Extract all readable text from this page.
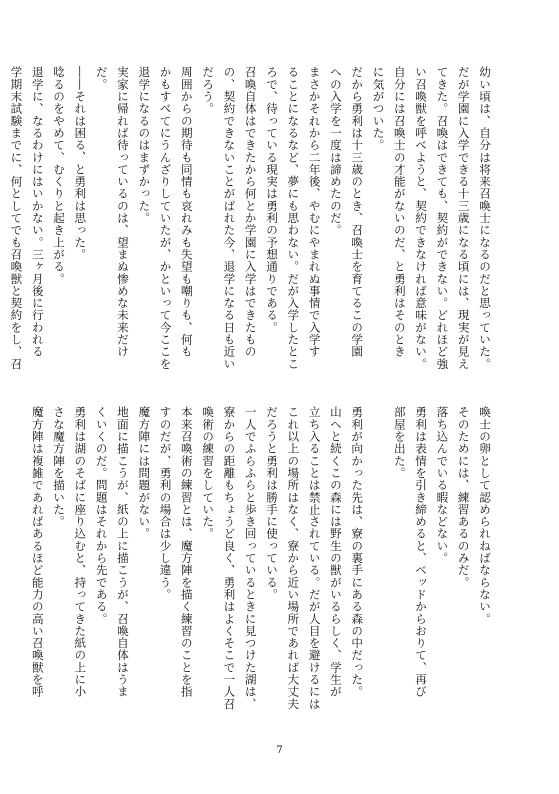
幼い頃は、自分は将来召喚士になるのだと思っていた。
だが学園に入学できる十三歳になる頃には、現実が見え
てきた。召喚はできても、契約ができない。どれほど強
い召喚獣を呼べようと、契約できなければ意味がない。
自分には召喚士の才能がないのだ、と勇利はそのとき
に気がついた。
だから勇利は十三歳のとき、召喚士を育てるこの学園
への入学を一度は諦めたのだ。
まさかそれから二年後、やむにやまれぬ事情で入学す
ることになるなど、夢にも思わない。だが入学したとこ
ろで、待っている現実は勇利の予想通りである。
召喚自体はできたから何とか学園に入学はできたもの
の、契約できないことがばれた今、退学になる日も近い
だろう。
周囲からの期待も同情も哀れみも失望も嘲りも、何も
かもすべてにうんざりしていたが、かといって今ここを
退学になるのはまずかった。
実家に帰れば待っているのは、望まぬ惨めな未来だけ
だ。
――それは困る、と勇利は思った。
唸るのをやめて、むくりと起き上がる。
退学に、なるわけにはいかない。三ヶ月後に行われる
学期末試験までに、何としてでも召喚獣と契約をし、召
喚士の卵として認められねばならない。
そのためには、練習あるのみだ。
落ち込んでいる暇などない。
勇利は表情を引き締めると、ベッドからおりて、再び
部屋を出た。

勇利が向かった先は、寮の裏手にある森の中だった。
山へと続くこの森には野生の獣がいるらしく、学生が
立ち入ることは禁止されている。だが人目を避けるには
これ以上の場所はなく、寮から近い場所であれば大丈夫
だろうと勇利は勝手に使っている。
一人でふらふらと歩き回っているときに見つけた湖は、
寮からの距離もちょうど良く、勇利はよくそこで一人召
喚術の練習をしていた。
本来召喚術の練習とは、魔方陣を描く練習のことを指
すのだが、勇利の場合は少し違う。
魔方陣には問題がない。
地面に描こうが、紙の上に描こうが、召喚自体はうま
くいくのだ。問題はそれから先である。
勇利は湖のそばに座り込むと、持ってきた紙の上に小
さな魔方陣を描いた。
魔方陣は複雑であればあるほど能力の高い召喚獣を呼
7
